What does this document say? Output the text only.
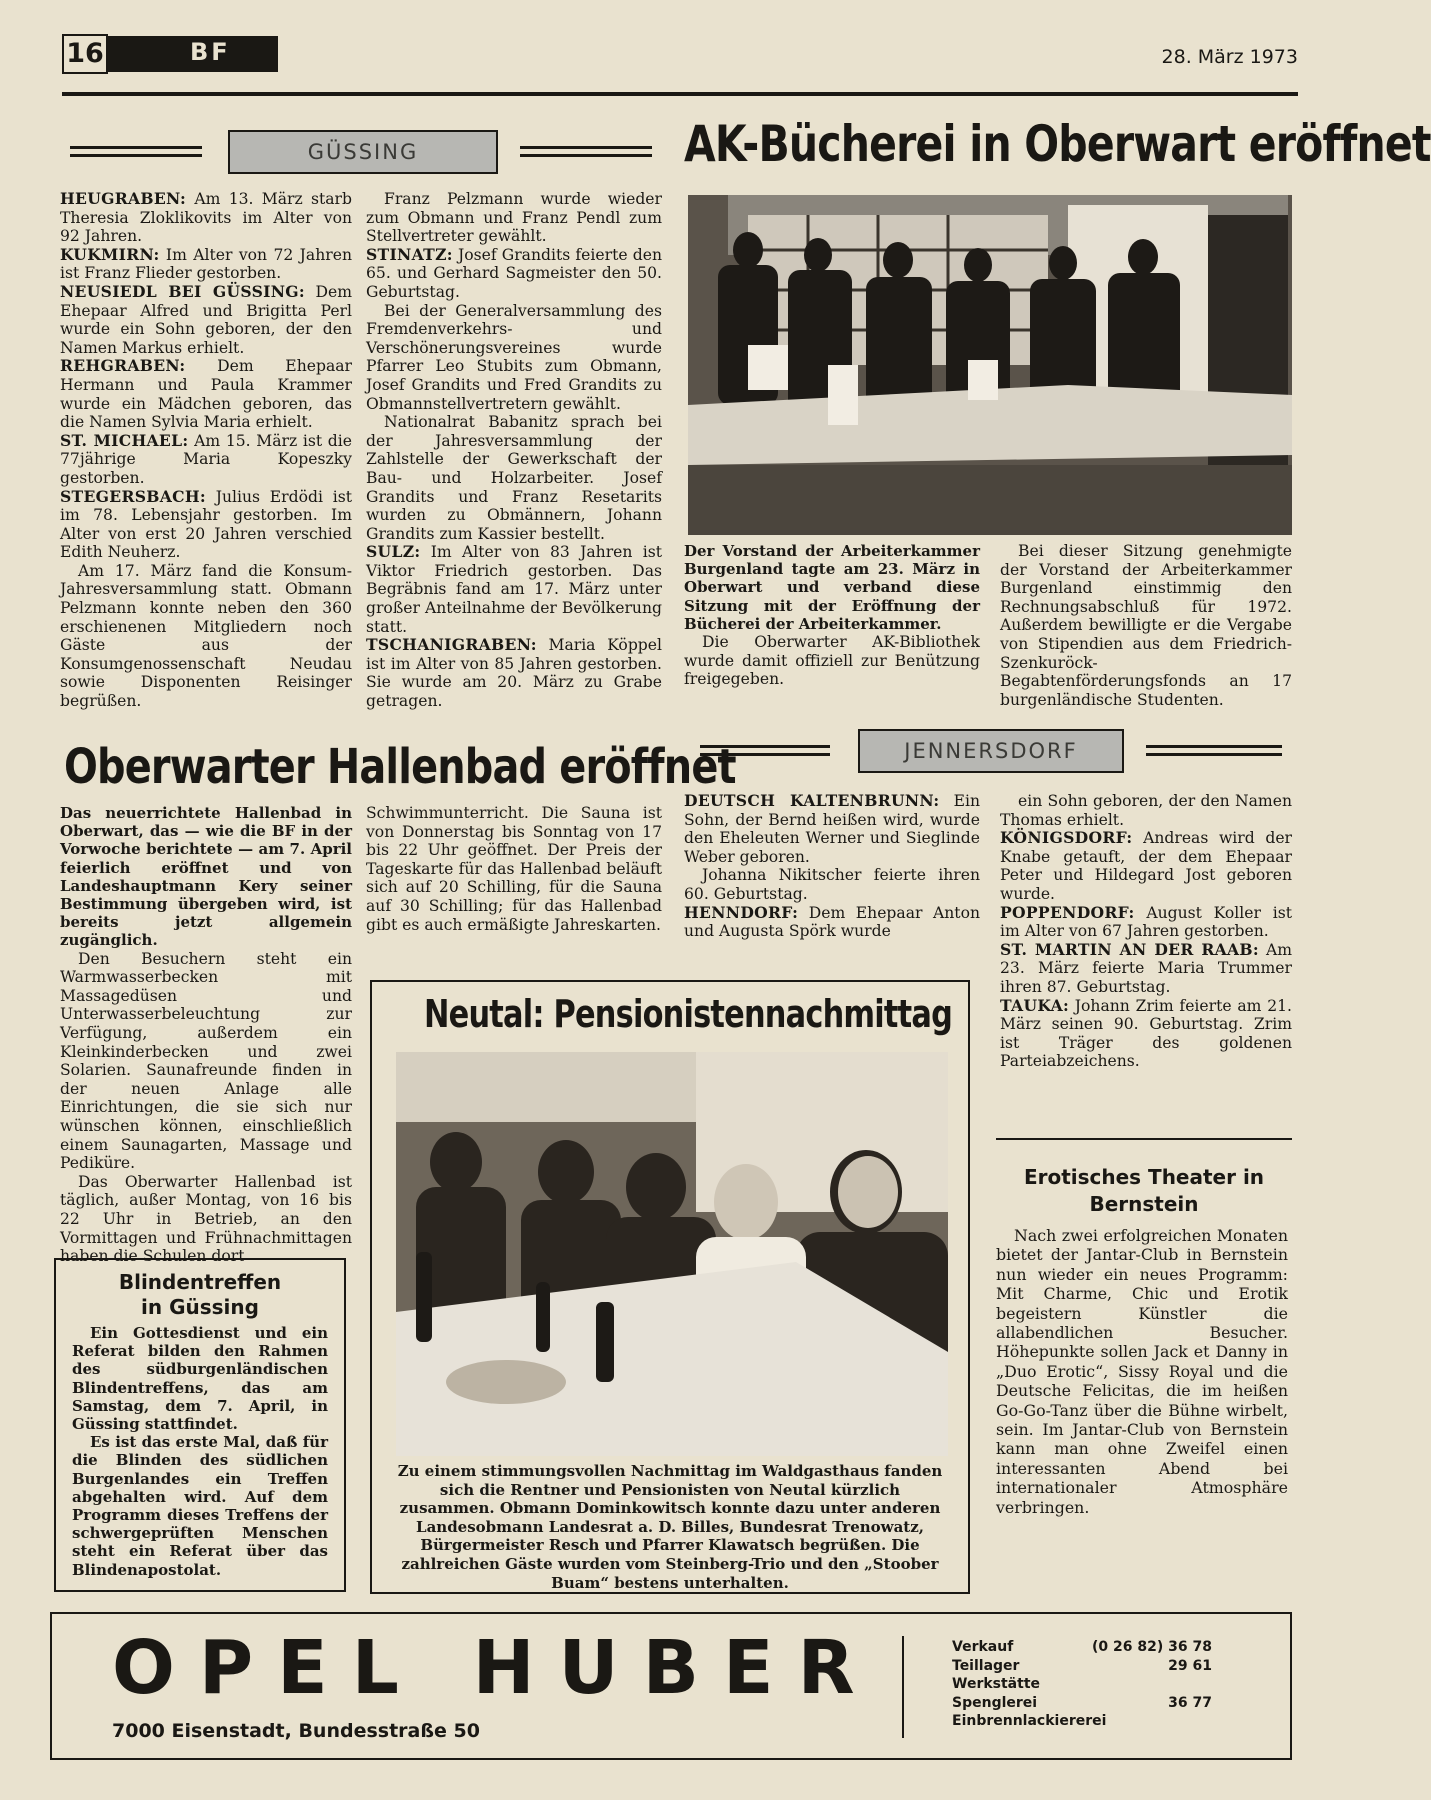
16	BF	28. März 1973
GÜSSING

HEUGRABEN: Am 13. März starb Theresia Zloklikovits im Alter von 92 Jahren.

KUKMIRN: Im Alter von 72 Jahren ist Franz Flieder gestorben.

NEUSIEDL BEI GÜSSING: Dem Ehepaar Alfred und Brigitta Perl wurde ein Sohn geboren, der den Namen Markus erhielt.

REHGRABEN: Dem Ehepaar Hermann und Paula Krammer wurde ein Mädchen geboren, das die Namen Sylvia Maria erhielt.

ST. MICHAEL: Am 15. März ist die 77jährige Maria Kopeszky gestorben.

STEGERSBACH: Julius Erdödi ist im 78. Lebensjahr gestorben. Im Alter von erst 20 Jahren verschied Edith Neuherz.

Am 17. März fand die Konsum-Jahresversammlung statt. Obmann Pelzmann konnte neben den 360 erschienenen Mitgliedern noch Gäste aus der Konsumgenossenschaft Neudau sowie Disponenten Reisinger begrüßen.

Franz Pelzmann wurde wieder zum Obmann und Franz Pendl zum Stellvertreter gewählt.

STINATZ: Josef Grandits feierte den 65. und Gerhard Sagmeister den 50. Geburtstag.

Bei der Generalversammlung des Fremdenverkehrs- und Verschönerungsvereines wurde Pfarrer Leo Stubits zum Obmann, Josef Grandits und Fred Grandits zu Obmannstellvertretern gewählt.

Nationalrat Babanitz sprach bei der Jahresversammlung der Zahlstelle der Gewerkschaft der Bau- und Holzarbeiter. Josef Grandits und Franz Resetarits wurden zu Obmännern, Johann Grandits zum Kassier bestellt.

SULZ: Im Alter von 83 Jahren ist Viktor Friedrich gestorben. Das Begräbnis fand am 17. März unter großer Anteilnahme der Bevölkerung statt.

TSCHANIGRABEN: Maria Köppel ist im Alter von 85 Jahren gestorben. Sie wurde am 20. März zu Grabe getragen.

AK-Bücherei in Oberwart eröffnet

Der Vorstand der Arbeiterkammer Burgenland tagte am 23. März in Oberwart und verband diese Sitzung mit der Eröffnung der Bücherei der Arbeiterkammer.

Die Oberwarter AK-Bibliothek wurde damit offiziell zur Benützung freigegeben.

Bei dieser Sitzung genehmigte der Vorstand der Arbeiterkammer Burgenland einstimmig den Rechnungsabschluß für 1972. Außerdem bewilligte er die Vergabe von Stipendien aus dem Friedrich-Szenkuröck-Begabtenförderungsfonds an 17 burgenländische Studenten.

Oberwarter Hallenbad eröffnet

Das neuerrichtete Hallenbad in Oberwart, das — wie die BF in der Vorwoche berichtete — am 7. April feierlich eröffnet und von Landeshauptmann Kery seiner Bestimmung übergeben wird, ist bereits jetzt allgemein zugänglich.

Den Besuchern steht ein Warmwasserbecken mit Massagedüsen und Unterwasserbeleuchtung zur Verfügung, außerdem ein Kleinkinderbecken und zwei Solarien. Saunafreunde finden in der neuen Anlage alle Einrichtungen, die sie sich nur wünschen können, einschließlich einem Saunagarten, Massage und Pediküre.

Das Oberwarter Hallenbad ist täglich, außer Montag, von 16 bis 22 Uhr in Betrieb, an den Vormittagen und Frühnachmittagen haben die Schulen dort

Schwimmunterricht. Die Sauna ist von Donnerstag bis Sonntag von 17 bis 22 Uhr geöffnet. Der Preis der Tageskarte für das Hallenbad beläuft sich auf 20 Schilling, für die Sauna auf 30 Schilling; für das Hallenbad gibt es auch ermäßigte Jahreskarten.

JENNERSDORF

DEUTSCH KALTENBRUNN: Ein Sohn, der Bernd heißen wird, wurde den Eheleuten Werner und Sieglinde Weber geboren.

Johanna Nikitscher feierte ihren 60. Geburtstag.

HENNDORF: Dem Ehepaar Anton und Augusta Spörk wurde

ein Sohn geboren, der den Namen Thomas erhielt.

KÖNIGSDORF: Andreas wird der Knabe getauft, der dem Ehepaar Peter und Hildegard Jost geboren wurde.

POPPENDORF: August Koller ist im Alter von 67 Jahren gestorben.

ST. MARTIN AN DER RAAB: Am 23. März feierte Maria Trummer ihren 87. Geburtstag.

TAUKA: Johann Zrim feierte am 21. März seinen 90. Geburtstag. Zrim ist Träger des goldenen Parteiabzeichens.

Blindentreffen
in Güssing

Ein Gottesdienst und ein Referat bilden den Rahmen des südburgenländischen Blindentreffens, das am Samstag, dem 7. April, in Güssing stattfindet.

Es ist das erste Mal, daß für die Blinden des südlichen Burgenlandes ein Treffen abgehalten wird. Auf dem Programm dieses Treffens der schwergeprüften Menschen steht ein Referat über das Blindenapostolat.

Neutal: Pensionistennachmittag

Zu einem stimmungsvollen Nachmittag im Waldgasthaus fanden sich die Rentner und Pensionisten von Neutal kürzlich zusammen. Obmann Dominkowitsch konnte dazu unter anderen Landesobmann Landesrat a. D. Billes, Bundesrat Trenowatz, Bürgermeister Resch und Pfarrer Klawatsch begrüßen. Die zahlreichen Gäste wurden vom Steinberg-Trio und den „Stoober Buam“ bestens unterhalten.

Erotisches Theater in
Bernstein

Nach zwei erfolgreichen Monaten bietet der Jantar-Club in Bernstein nun wieder ein neues Programm: Mit Charme, Chic und Erotik begeistern Künstler die allabendlichen Besucher. Höhepunkte sollen Jack et Danny in „Duo Erotic“, Sissy Royal und die Deutsche Felicitas, die im heißen Go-Go-Tanz über die Bühne wirbelt, sein. Im Jantar-Club von Bernstein kann man ohne Zweifel einen interessanten Abend bei internationaler Atmosphäre verbringen.

OPEL HUBER
7000 Eisenstadt, Bundesstraße 50
Verkauf	(0 26 82) 36 78
Teillager	29 61
Werkstätte
Spenglerei	36 77
Einbrennlackiererei
